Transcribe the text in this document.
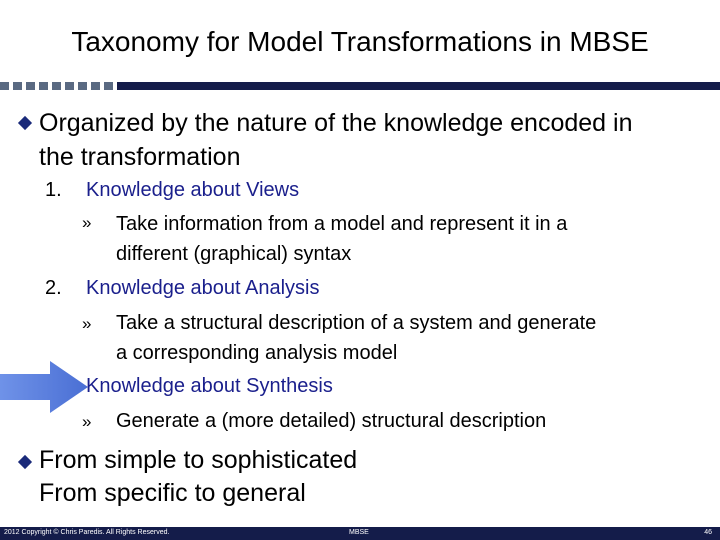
Taxonomy for Model Transformations in MBSE
Organized by the nature of the knowledge encoded in
the transformation
1. Knowledge about Views
» Take information from a model and represent it in a
different (graphical) syntax
2. Knowledge about Analysis
» Take a structural description of a system and generate
a corresponding analysis model
Knowledge about Synthesis
» Generate a (more detailed) structural description
From simple to sophisticated
From specific to general
2012 Copyright © Chris Paredis. All Rights Reserved.	MBSE	46
